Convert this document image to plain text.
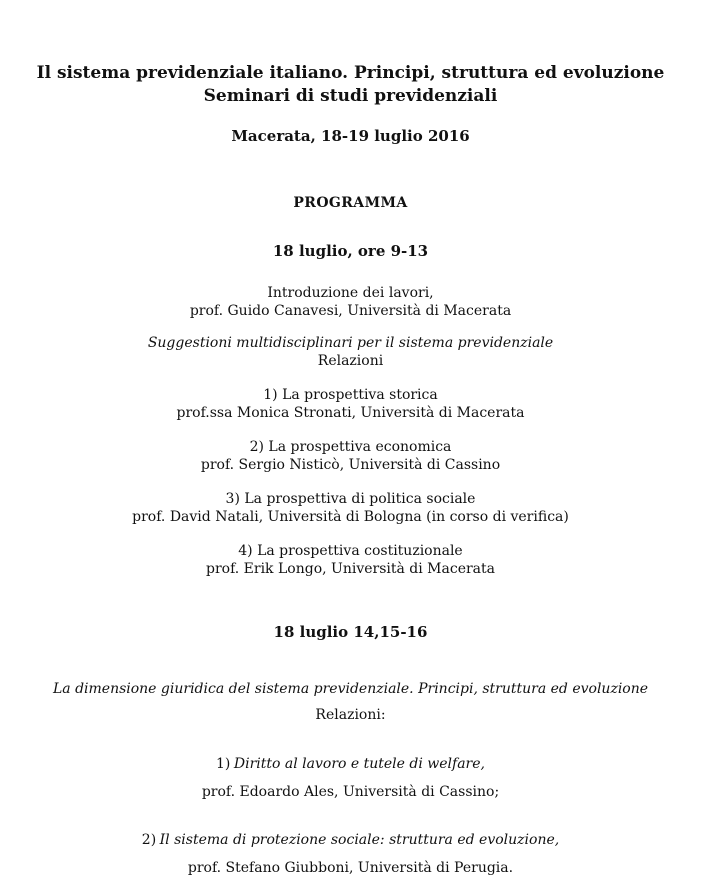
Il sistema previdenziale italiano. Principi, struttura ed evoluzione
Seminari di studi previdenziali
Macerata, 18-19 luglio 2016
PROGRAMMA
18 luglio, ore 9-13

Introduzione dei lavori,
prof. Guido Canavesi, Università di Macerata

Suggestioni multidisciplinari per il sistema previdenziale
Relazioni

1) La prospettiva storica
prof.ssa Monica Stronati, Università di Macerata

2) La prospettiva economica
prof. Sergio Nisticò, Università di Cassino

3) La prospettiva di politica sociale
prof. David Natali, Università di Bologna (in corso di verifica)

4) La prospettiva costituzionale
prof. Erik Longo, Università di Macerata

18 luglio 14,15-16

La dimensione giuridica del sistema previdenziale. Principi, struttura ed evoluzione
Relazioni:

1) Diritto al lavoro e tutele di welfare,
prof. Edoardo Ales, Università di Cassino;

2) Il sistema di protezione sociale: struttura ed evoluzione,
prof. Stefano Giubboni, Università di Perugia.
